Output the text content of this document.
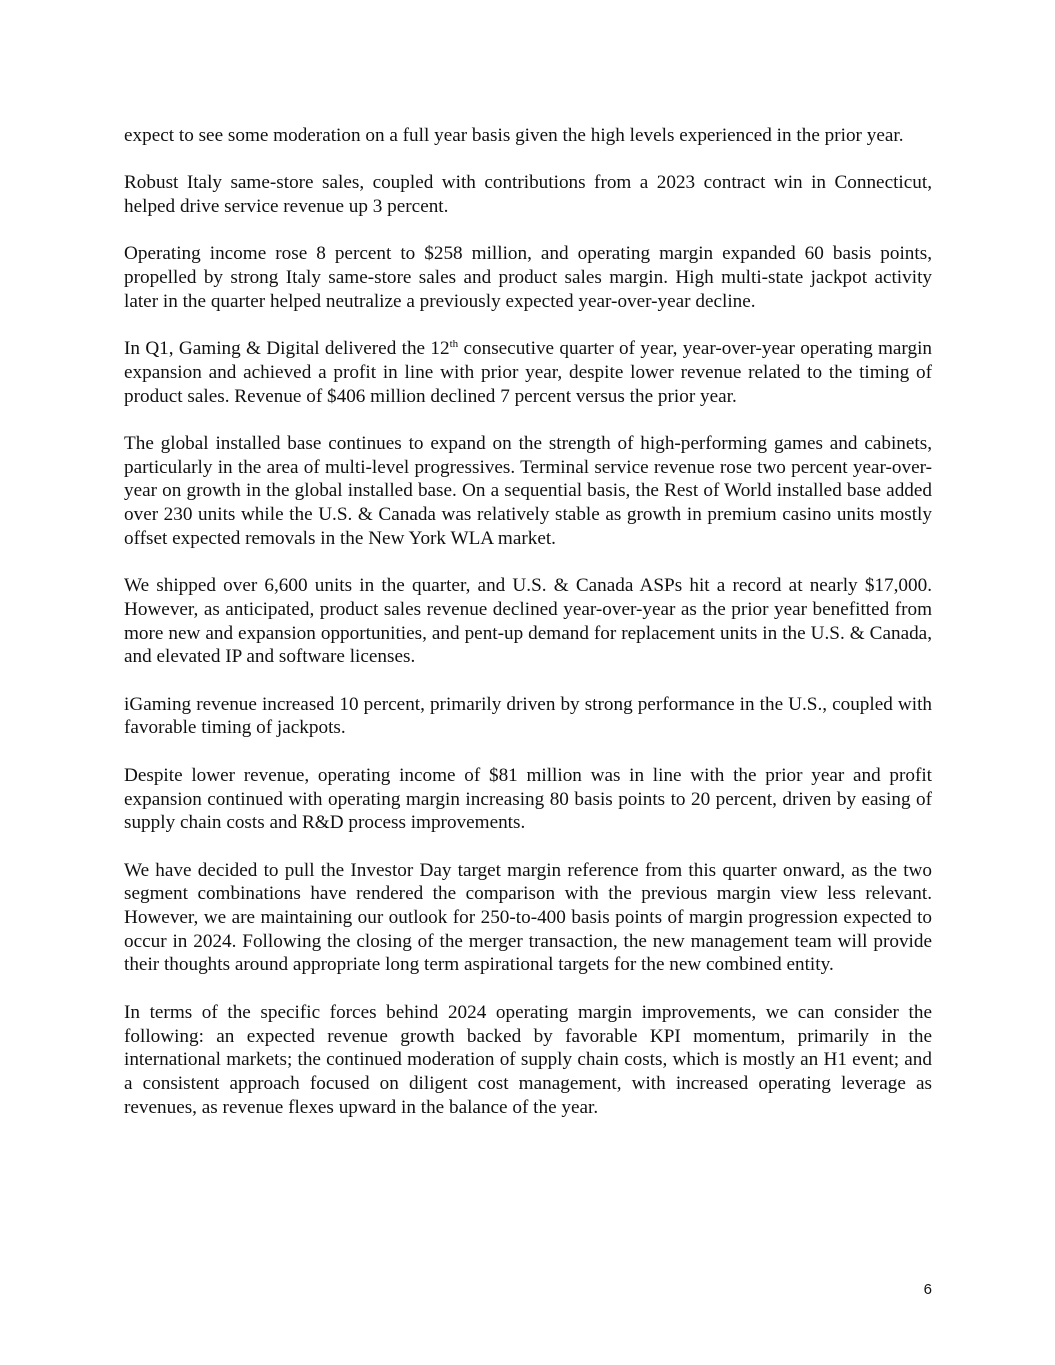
expect to see some moderation on a full year basis given the high levels experienced in the prior year.

Robust Italy same-store sales, coupled with contributions from a 2023 contract win in Connecticut, helped drive service revenue up 3 percent.

Operating income rose 8 percent to $258 million, and operating margin expanded 60 basis points, propelled by strong Italy same-store sales and product sales margin. High multi-state jackpot activity later in the quarter helped neutralize a previously expected year-over-year decline.

In Q1, Gaming & Digital delivered the 12th consecutive quarter of year, year-over-year operating margin expansion and achieved a profit in line with prior year, despite lower revenue related to the timing of product sales. Revenue of $406 million declined 7 percent versus the prior year.

The global installed base continues to expand on the strength of high-performing games and cabinets, particularly in the area of multi-level progressives. Terminal service revenue rose two percent year-over-year on growth in the global installed base. On a sequential basis, the Rest of World installed base added over 230 units while the U.S. & Canada was relatively stable as growth in premium casino units mostly offset expected removals in the New York WLA market.

We shipped over 6,600 units in the quarter, and U.S. & Canada ASPs hit a record at nearly $17,000. However, as anticipated, product sales revenue declined year-over-year as the prior year benefitted from more new and expansion opportunities, and pent-up demand for replacement units in the U.S. & Canada, and elevated IP and software licenses.

iGaming revenue increased 10 percent, primarily driven by strong performance in the U.S., coupled with favorable timing of jackpots.

Despite lower revenue, operating income of $81 million was in line with the prior year and profit expansion continued with operating margin increasing 80 basis points to 20 percent, driven by easing of supply chain costs and R&D process improvements.

We have decided to pull the Investor Day target margin reference from this quarter onward, as the two segment combinations have rendered the comparison with the previous margin view less relevant. However, we are maintaining our outlook for 250-to-400 basis points of margin progression expected to occur in 2024. Following the closing of the merger transaction, the new management team will provide their thoughts around appropriate long term aspirational targets for the new combined entity.

In terms of the specific forces behind 2024 operating margin improvements, we can consider the following: an expected revenue growth backed by favorable KPI momentum, primarily in the international markets; the continued moderation of supply chain costs, which is mostly an H1 event; and a consistent approach focused on diligent cost management, with increased operating leverage as revenues, as revenue flexes upward in the balance of the year.

6
